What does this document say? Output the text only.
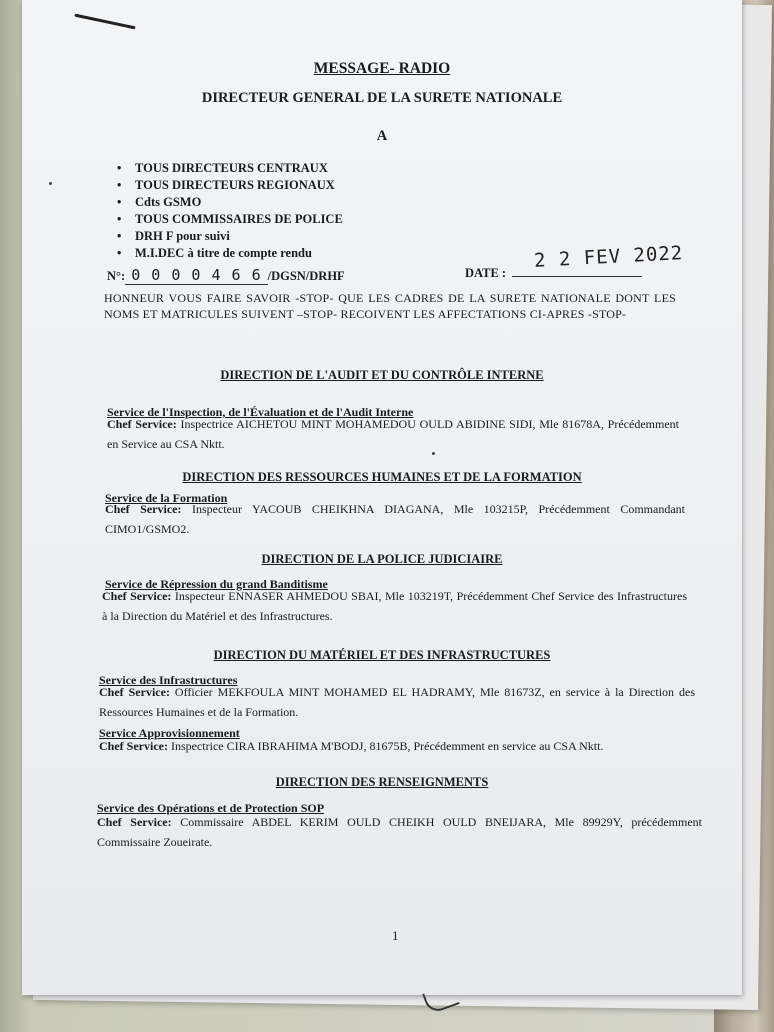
MESSAGE- RADIO
DIRECTEUR GENERAL DE LA SURETE NATIONALE
A
• TOUS DIRECTEURS CENTRAUX
• TOUS DIRECTEURS REGIONAUX
• Cdts GSMO
• TOUS COMMISSAIRES DE POLICE
• DRH F pour suivi
• M.I.DEC à titre de compte rendu
N°: 0 0 0 0 4 6 6 /DGSN/DRHF	DATE :
2 2 FEV 2022
HONNEUR VOUS FAIRE SAVOIR -STOP- QUE LES CADRES DE LA SURETE NATIONALE DONT LES NOMS ET MATRICULES SUIVENT –STOP- RECOIVENT LES AFFECTATIONS CI-APRES -STOP-
DIRECTION DE L'AUDIT ET DU CONTRÔLE INTERNE
Service de l'Inspection, de l'Évaluation et de l'Audit Interne
Chef Service: Inspectrice AICHETOU MINT MOHAMEDOU OULD ABIDINE SIDI, Mle 81678A, Précédemment en Service au CSA Nktt.
DIRECTION DES RESSOURCES HUMAINES ET DE LA FORMATION
Service de la Formation
Chef Service: Inspecteur YACOUB CHEIKHNA DIAGANA, Mle 103215P, Précédemment Commandant CIMO1/GSMO2.
DIRECTION DE LA POLICE JUDICIAIRE
Service de Répression du grand Banditisme
Chef Service: Inspecteur ENNASER AHMEDOU SBAI, Mle 103219T, Précédemment Chef Service des Infrastructures à la Direction du Matériel et des Infrastructures.
DIRECTION DU MATÉRIEL ET DES INFRASTRUCTURES
Service des Infrastructures
Chef Service: Officier MEKFOULA MINT MOHAMED EL HADRAMY, Mle 81673Z, en service à la Direction des Ressources Humaines et de la Formation.
Service Approvisionnement
Chef Service: Inspectrice CIRA IBRAHIMA M'BODJ, 81675B, Précédemment en service au CSA Nktt.
DIRECTION DES RENSEIGNMENTS
Service des Opérations et de Protection SOP
Chef Service: Commissaire ABDEL KERIM OULD CHEIKH OULD BNEIJARA, Mle 89929Y, précédemment Commissaire Zoueirate.
1
